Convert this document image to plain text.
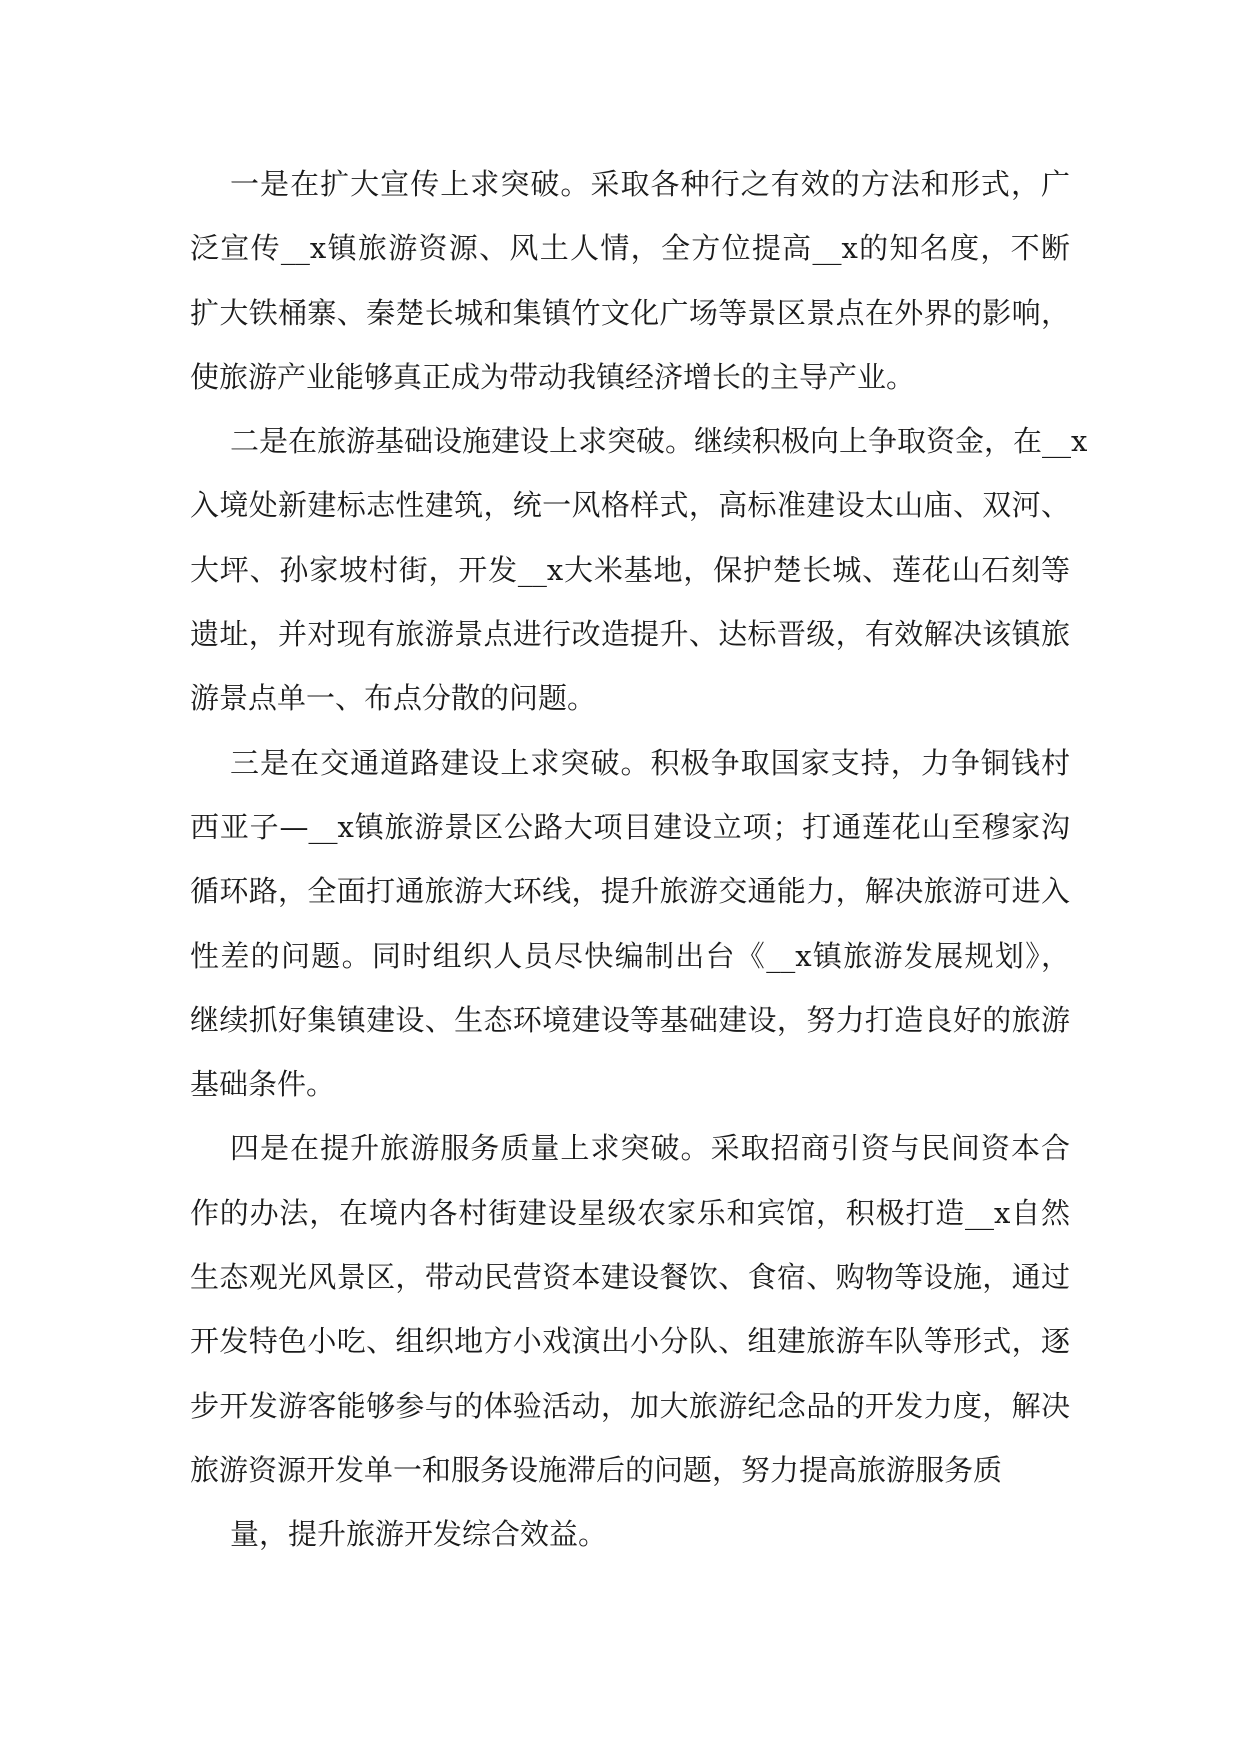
一是在扩大宣传上求突破。采取各种行之有效的方法和形式，广
泛宣传__x镇旅游资源、风土人情，全方位提高__x的知名度，不断
扩大铁桶寨、秦楚长城和集镇竹文化广场等景区景点在外界的影响，
使旅游产业能够真正成为带动我镇经济增长的主导产业。
二是在旅游基础设施建设上求突破。继续积极向上争取资金，在__x
入境处新建标志性建筑，统一风格样式，高标准建设太山庙、双河、
大坪、孙家坡村街，开发__x大米基地，保护楚长城、莲花山石刻等
遗址，并对现有旅游景点进行改造提升、达标晋级，有效解决该镇旅
游景点单一、布点分散的问题。
三是在交通道路建设上求突破。积极争取国家支持，力争铜钱村
西亚子—__x镇旅游景区公路大项目建设立项；打通莲花山至穆家沟
循环路，全面打通旅游大环线，提升旅游交通能力，解决旅游可进入
性差的问题。同时组织人员尽快编制出台《__x镇旅游发展规划》，
继续抓好集镇建设、生态环境建设等基础建设，努力打造良好的旅游
基础条件。
四是在提升旅游服务质量上求突破。采取招商引资与民间资本合
作的办法，在境内各村街建设星级农家乐和宾馆，积极打造__x自然
生态观光风景区，带动民营资本建设餐饮、食宿、购物等设施，通过
开发特色小吃、组织地方小戏演出小分队、组建旅游车队等形式，逐
步开发游客能够参与的体验活动，加大旅游纪念品的开发力度，解决
旅游资源开发单一和服务设施滞后的问题，努力提高旅游服务质
量，提升旅游开发综合效益。
